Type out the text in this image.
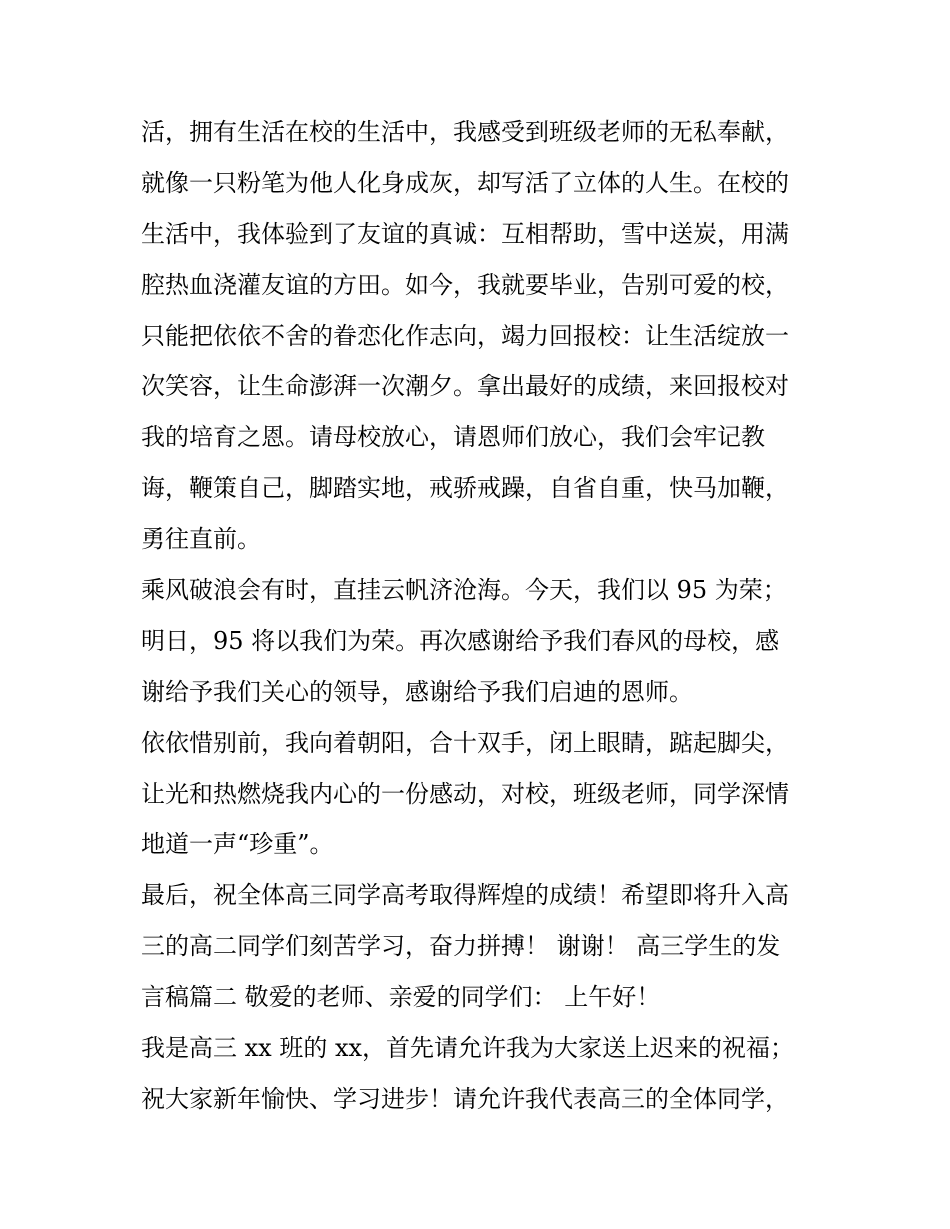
活，拥有生活在校的生活中，我感受到班级老师的无私奉献，
就像一只粉笔为他人化身成灰，却写活了立体的人生。在校的
生活中，我体验到了友谊的真诚：互相帮助，雪中送炭，用满
腔热血浇灌友谊的方田。如今，我就要毕业，告别可爱的校，
只能把依依不舍的眷恋化作志向，竭力回报校：让生活绽放一
次笑容，让生命澎湃一次潮夕。拿出最好的成绩，来回报校对
我的培育之恩。请母校放心，请恩师们放心，我们会牢记教
诲，鞭策自己，脚踏实地，戒骄戒躁，自省自重，快马加鞭，
勇往直前。
乘风破浪会有时，直挂云帆济沧海。今天，我们以 95 为荣；
明日，95 将以我们为荣。再次感谢给予我们春风的母校，感
谢给予我们关心的领导，感谢给予我们启迪的恩师。
依依惜别前，我向着朝阳，合十双手，闭上眼睛，踮起脚尖，
让光和热燃烧我内心的一份感动，对校，班级老师，同学深情
地道一声“珍重”。
最后，祝全体高三同学高考取得辉煌的成绩！希望即将升入高
三的高二同学们刻苦学习，奋力拼搏！ 谢谢！ 高三学生的发
言稿篇二 敬爱的老师、亲爱的同学们： 上午好！
我是高三 xx 班的 xx，首先请允许我为大家送上迟来的祝福；
祝大家新年愉快、学习进步！请允许我代表高三的全体同学，
